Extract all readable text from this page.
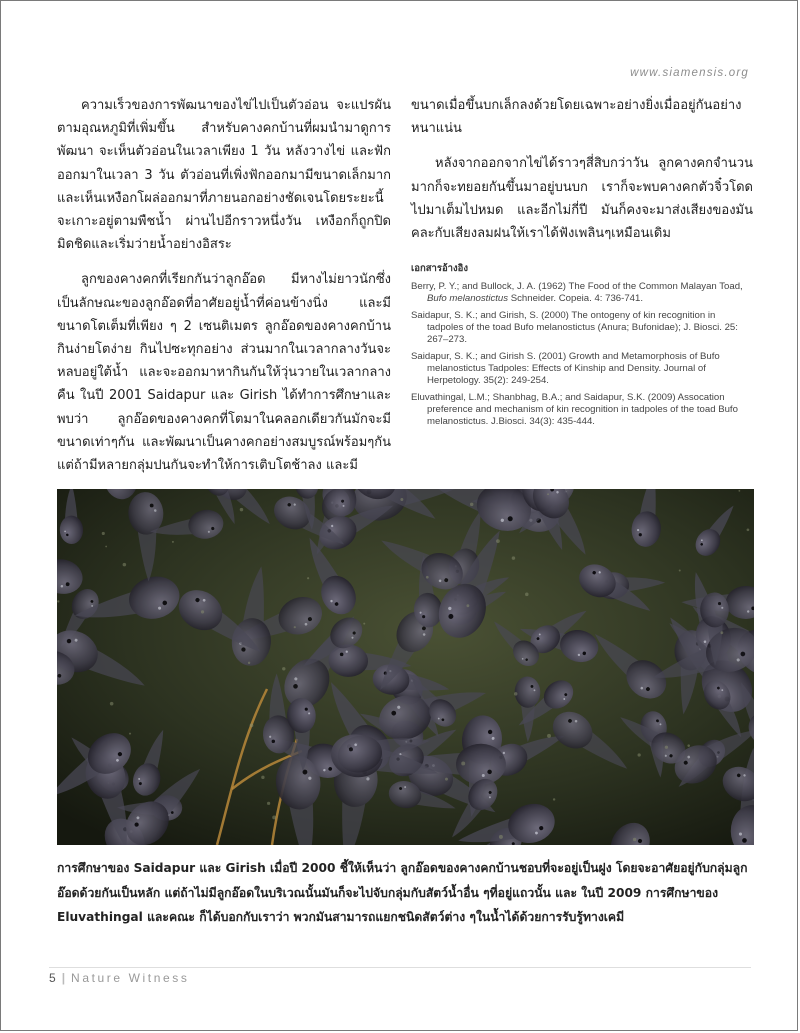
www.siamensis.org

ความเร็วของการพัฒนาของไข่ไปเป็นตัวอ่อน จะแปรผันตามอุณหภูมิที่เพิ่มขึ้น สำหรับคางคกบ้านที่ผมนำมาดูการพัฒนา จะเห็นตัวอ่อนในเวลาเพียง 1 วัน หลังวางไข่ และฟักออกมาในเวลา 3 วัน ตัวอ่อนที่เพิ่งฟักออกมามีขนาดเล็กมากและเห็นเหงือกโผล่ออกมาที่ภายนอกอย่างชัดเจนโดยระยะนี้จะเกาะอยู่ตามพืชน้ำ ผ่านไปอีกราวหนึ่งวัน เหงือกก็ถูกปิดมิดชิดและเริ่มว่ายน้ำอย่างอิสระ

ลูกของคางคกที่เรียกกันว่าลูกอ๊อด มีหางไม่ยาวนักซึ่งเป็นลักษณะของลูกอ๊อดที่อาศัยอยู่น้ำที่ค่อนข้างนิ่ง และมีขนาดโตเต็มที่เพียง ๆ 2 เซนติเมตร ลูกอ๊อดของคางคกบ้านกินง่ายโตง่าย กินไปซะทุกอย่าง ส่วนมากในเวลากลางวันจะหลบอยู่ใต้น้ำ และจะออกมาหากินกันให้วุ่นวายในเวลากลางคืน ในปี 2001 Saidapur และ Girish ได้ทำการศึกษาและพบว่า ลูกอ๊อดของคางคกที่โตมาในคลอกเดียวกันมักจะมีขนาดเท่าๆกัน และพัฒนาเป็นคางคกอย่างสมบูรณ์พร้อมๆกัน แต่ถ้ามีหลายกลุ่มปนกันจะทำให้การเติบโตช้าลง และมี

ขนาดเมื่อขึ้นบกเล็กลงด้วยโดยเฉพาะอย่างยิ่งเมื่ออยู่กันอย่างหนาแน่น

หลังจากออกจากไข่ได้ราวๆสี่สิบกว่าวัน ลูกคางคกจำนวนมากก็จะทยอยกันขึ้นมาอยู่บนบก เราก็จะพบคางคกตัวจิ๋วโดดไปมาเต็มไปหมด และอีกไม่กี่ปี มันก็คงจะมาส่งเสียงของมันคละกับเสียงลมฝนให้เราได้ฟังเพลินๆเหมือนเดิม

เอกสารอ้างอิง
Berry, P. Y.; and Bullock, J. A. (1962) The Food of the Common Malayan Toad, Bufo melanostictus Schneider. Copeia. 4: 736-741.
Saidapur, S. K.; and Girish, S. (2000) The ontogeny of kin recognition in tadpoles of the toad Bufo melanostictus (Anura; Bufonidae); J. Biosci. 25: 267–273.
Saidapur, S. K.; and Girish S. (2001) Growth and Metamorphosis of Bufo melanostictus Tadpoles: Effects of Kinship and Density. Journal of Herpetology. 35(2): 249-254.
Eluvathingal, L.M.; Shanbhag, B.A.; and Saidapur, S.K. (2009) Assocation preference and mechanism of kin recognition in tadpoles of the toad Bufo melanostictus. J.Biosci. 34(3): 435-444.
การศึกษาของ Saidapur และ Girish เมื่อปี 2000 ชี้ให้เห็นว่า ลูกอ๊อดของคางคกบ้านชอบที่จะอยู่เป็นฝูง โดยจะอาศัยอยู่กับกลุ่มลูกอ๊อดด้วยกันเป็นหลัก แต่ถ้าไม่มีลูกอ๊อดในบริเวณนั้นมันก็จะไปจับกลุ่มกับสัตว์น้ำอื่น ๆที่อยู่แถวนั้น และ ในปี 2009 การศึกษาของ Eluvathingal และคณะ ก็ได้บอกกับเราว่า พวกมันสามารถแยกชนิดสัตว์ต่าง ๆในน้ำได้ด้วยการรับรู้ทางเคมี
5 | Nature Witness
